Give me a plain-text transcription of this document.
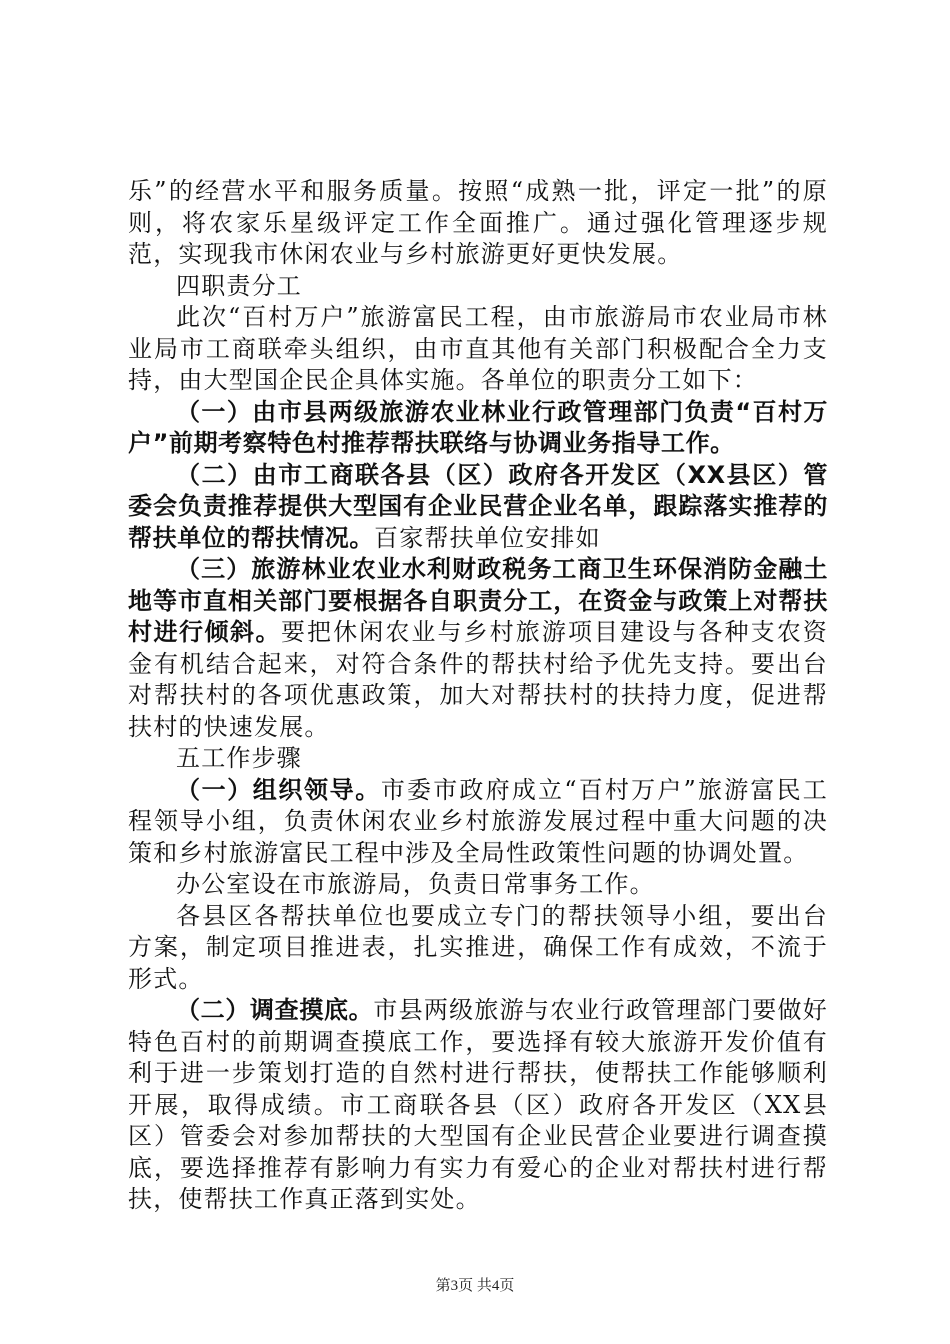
乐”的经营水平和服务质量。按照“成熟一批，评定一批”的原则，将农家乐星级评定工作全面推广。通过强化管理逐步规范，实现我市休闲农业与乡村旅游更好更快发展。

四职责分工

此次“百村万户”旅游富民工程，由市旅游局市农业局市林业局市工商联牵头组织，由市直其他有关部门积极配合全力支持，由大型国企民企具体实施。各单位的职责分工如下：

（一）由市县两级旅游农业林业行政管理部门负责“百村万户”前期考察特色村推荐帮扶联络与协调业务指导工作。

（二）由市工商联各县（区）政府各开发区（XX县区）管委会负责推荐提供大型国有企业民营企业名单，跟踪落实推荐的帮扶单位的帮扶情况。百家帮扶单位安排如

（三）旅游林业农业水利财政税务工商卫生环保消防金融土地等市直相关部门要根据各自职责分工，在资金与政策上对帮扶村进行倾斜。要把休闲农业与乡村旅游项目建设与各种支农资金有机结合起来，对符合条件的帮扶村给予优先支持。要出台对帮扶村的各项优惠政策，加大对帮扶村的扶持力度，促进帮扶村的快速发展。

五工作步骤

（一）组织领导。市委市政府成立“百村万户”旅游富民工程领导小组，负责休闲农业乡村旅游发展过程中重大问题的决策和乡村旅游富民工程中涉及全局性政策性问题的协调处置。

办公室设在市旅游局，负责日常事务工作。

各县区各帮扶单位也要成立专门的帮扶领导小组，要出台方案，制定项目推进表，扎实推进，确保工作有成效，不流于形式。

（二）调查摸底。市县两级旅游与农业行政管理部门要做好特色百村的前期调查摸底工作，要选择有较大旅游开发价值有利于进一步策划打造的自然村进行帮扶，使帮扶工作能够顺利开展，取得成绩。市工商联各县（区）政府各开发区（XX县区）管委会对参加帮扶的大型国有企业民营企业要进行调查摸底，要选择推荐有影响力有实力有爱心的企业对帮扶村进行帮扶，使帮扶工作真正落到实处。

第3页 共4页
